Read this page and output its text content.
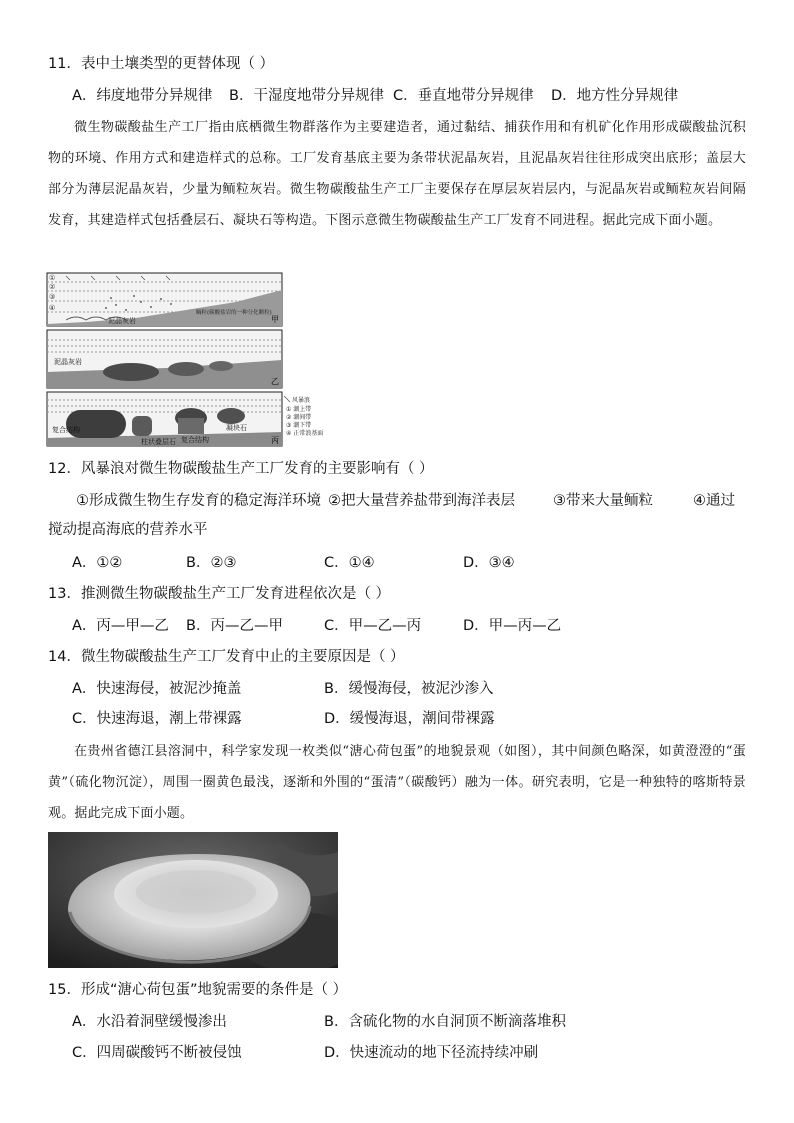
11．表中土壤类型的更替体现（ ）
A．纬度地带分异规律 B．干湿度地带分异规律 C．垂直地带分异规律 D．地方性分异规律

微生物碳酸盐生产工厂指由底栖微生物群落作为主要建造者，通过黏结、捕获作用和有机矿化作用形成碳酸盐沉积物的环境、作用方式和建造样式的总称。工厂发育基底主要为条带状泥晶灰岩，且泥晶灰岩往往形成突出底形；盖层大部分为薄层泥晶灰岩，少量为鲕粒灰岩。微生物碳酸盐生产工厂主要保存在厚层灰岩层内，与泥晶灰岩或鲕粒灰岩间隔发育，其建造样式包括叠层石、凝块石等构造。下图示意微生物碳酸盐生产工厂发育不同进程。据此完成下面小题。

①
②
③
④
泥晶灰岩
鲕粒(碳酸盐岩的一种分化颗粒)
甲
泥晶灰岩
乙
复合结构
复合结构
凝块石
柱状叠层石	丙
风暴浪
① 潮上带
② 潮间带
③ 潮下带
④ 正常浪基面
12．风暴浪对微生物碳酸盐生产工厂发育的主要影响有（ ）
①形成微生物生存发育的稳定海洋环境 ②把大量营养盐带到海洋表层	③带来大量鲕粒	④通过
搅动提高海底的营养水平
A．①②	B．②③	C．①④	D．③④
13．推测微生物碳酸盐生产工厂发育进程依次是（ ）
A．丙—甲—乙 B．丙—乙—甲	C．甲—乙—丙	D．甲—丙—乙
14．微生物碳酸盐生产工厂发育中止的主要原因是（ ）
A．快速海侵，被泥沙掩盖	B．缓慢海侵，被泥沙渗入
C．快速海退，潮上带裸露	D．缓慢海退，潮间带裸露

在贵州省德江县溶洞中，科学家发现一枚类似“溏心荷包蛋”的地貌景观（如图），其中间颜色略深，如黄澄澄的“蛋黄”（硫化物沉淀），周围一圈黄色最浅，逐渐和外围的“蛋清”（碳酸钙）融为一体。研究表明，它是一种独特的喀斯特景观。据此完成下面小题。

15．形成“溏心荷包蛋”地貌需要的条件是（ ）
A．水沿着洞壁缓慢渗出	B．含硫化物的水自洞顶不断滴落堆积
C．四周碳酸钙不断被侵蚀	D．快速流动的地下径流持续冲刷
